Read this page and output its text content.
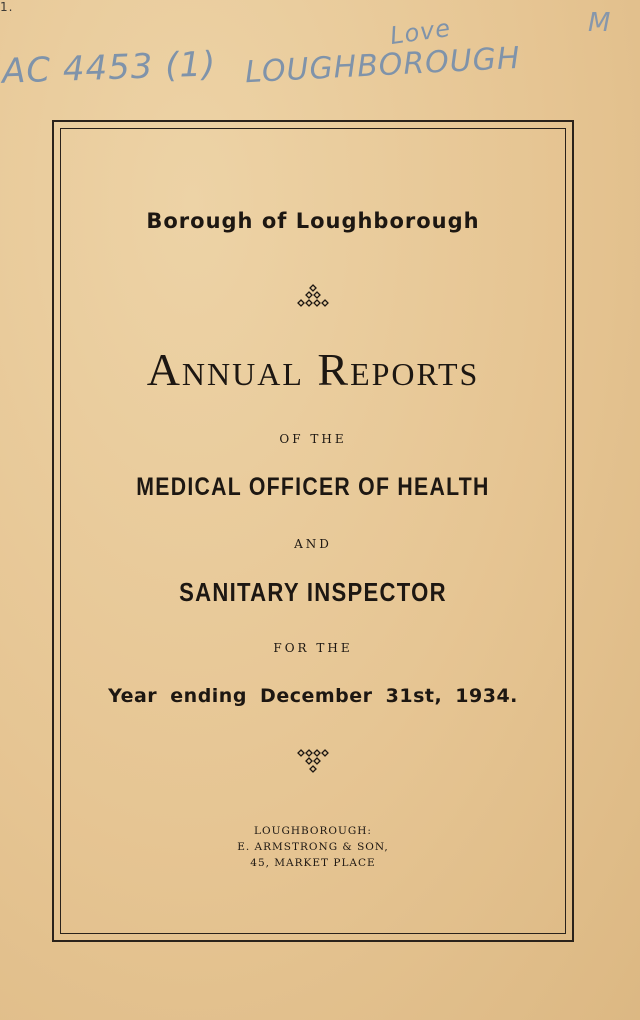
1.
AC 4453 (1) LOUGHBOROUGH
Love	M
Borough of Loughborough
Annual Reports
OF THE
MEDICAL OFFICER OF HEALTH
AND
SANITARY INSPECTOR
FOR THE
Year ending December 31st, 1934.
LOUGHBOROUGH:
E. ARMSTRONG & SON,
45, MARKET PLACE
